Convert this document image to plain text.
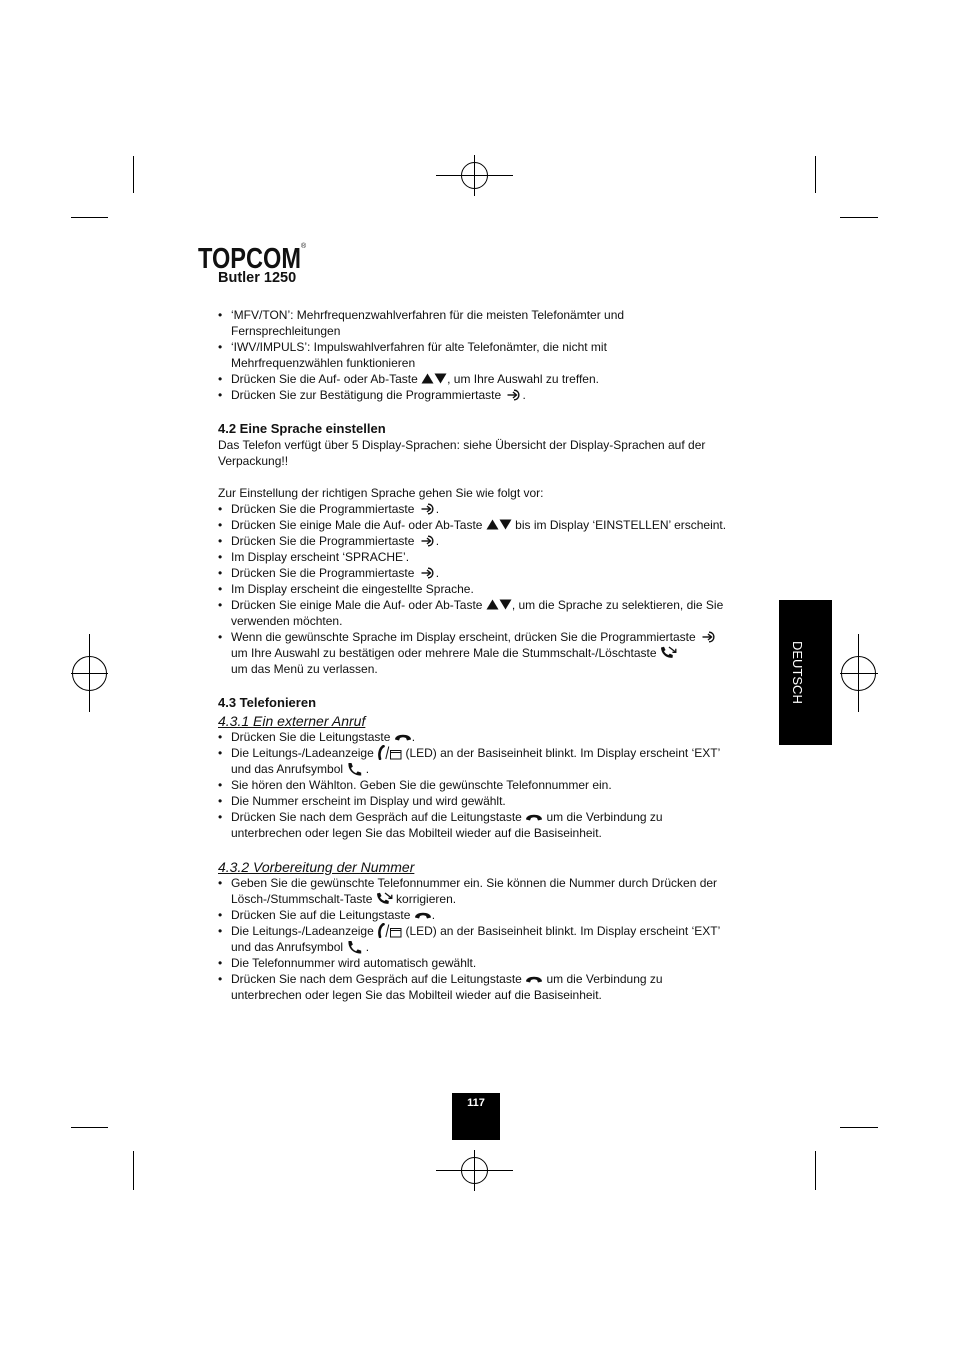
TOPCOM ®
Butler 1250
• ‘MFV/TON’: Mehrfrequenzwahlverfahren für die meisten Telefonämter und
Fernsprechleitungen
• ‘IWV/IMPULS’: Impulswahlverfahren für alte Telefonämter, die nicht mit
Mehrfrequenzwählen funktionieren
• Drücken Sie die Auf- oder Ab-Taste
, um Ihre Auswahl zu treffen.
• Drücken Sie zur Bestätigung die Programmiertaste
.
4.2 Eine Sprache einstellen
Das Telefon verfügt über 5 Display-Sprachen: siehe Übersicht der Display-Sprachen auf der
Verpackung!!
Zur Einstellung der richtigen Sprache gehen Sie wie folgt vor:
• Drücken Sie die Programmiertaste
.
• Drücken Sie einige Male die Auf- oder Ab-Taste
bis im Display ‘EINSTELLEN’ erscheint.
• Drücken Sie die Programmiertaste
.
• Im Display erscheint ‘SPRACHE’.
• Drücken Sie die Programmiertaste
.
• Im Display erscheint die eingestellte Sprache.
• Drücken Sie einige Male die Auf- oder Ab-Taste
, um die Sprache zu selektieren, die Sie
verwenden möchten.
• Wenn die gewünschte Sprache im Display erscheint, drücken Sie die Programmiertaste
um Ihre Auswahl zu bestätigen oder mehrere Male die Stummschalt-/Löschtaste
um das Menü zu verlassen.
4.3 Telefonieren
4.3.1 Ein externer Anruf
• Drücken Sie die Leitungstaste
.
• Die Leitungs-/Ladeanzeige
(LED) an der Basiseinheit blinkt. Im Display erscheint ‘EXT’
und das Anrufsymbol
.
• Sie hören den Wählton. Geben Sie die gewünschte Telefonnummer ein.
• Die Nummer erscheint im Display und wird gewählt.
• Drücken Sie nach dem Gespräch auf die Leitungstaste
um die Verbindung zu
unterbrechen oder legen Sie das Mobilteil wieder auf die Basiseinheit.
4.3.2 Vorbereitung der Nummer
• Geben Sie die gewünschte Telefonnummer ein. Sie können die Nummer durch Drücken der
Lösch-/Stummschalt-Taste
korrigieren.
• Drücken Sie auf die Leitungstaste
.
• Die Leitungs-/Ladeanzeige
(LED) an der Basiseinheit blinkt. Im Display erscheint ‘EXT’
und das Anrufsymbol
.
• Die Telefonnummer wird automatisch gewählt.
• Drücken Sie nach dem Gespräch auf die Leitungstaste
um die Verbindung zu
unterbrechen oder legen Sie das Mobilteil wieder auf die Basiseinheit.
DEUTSCH
117
